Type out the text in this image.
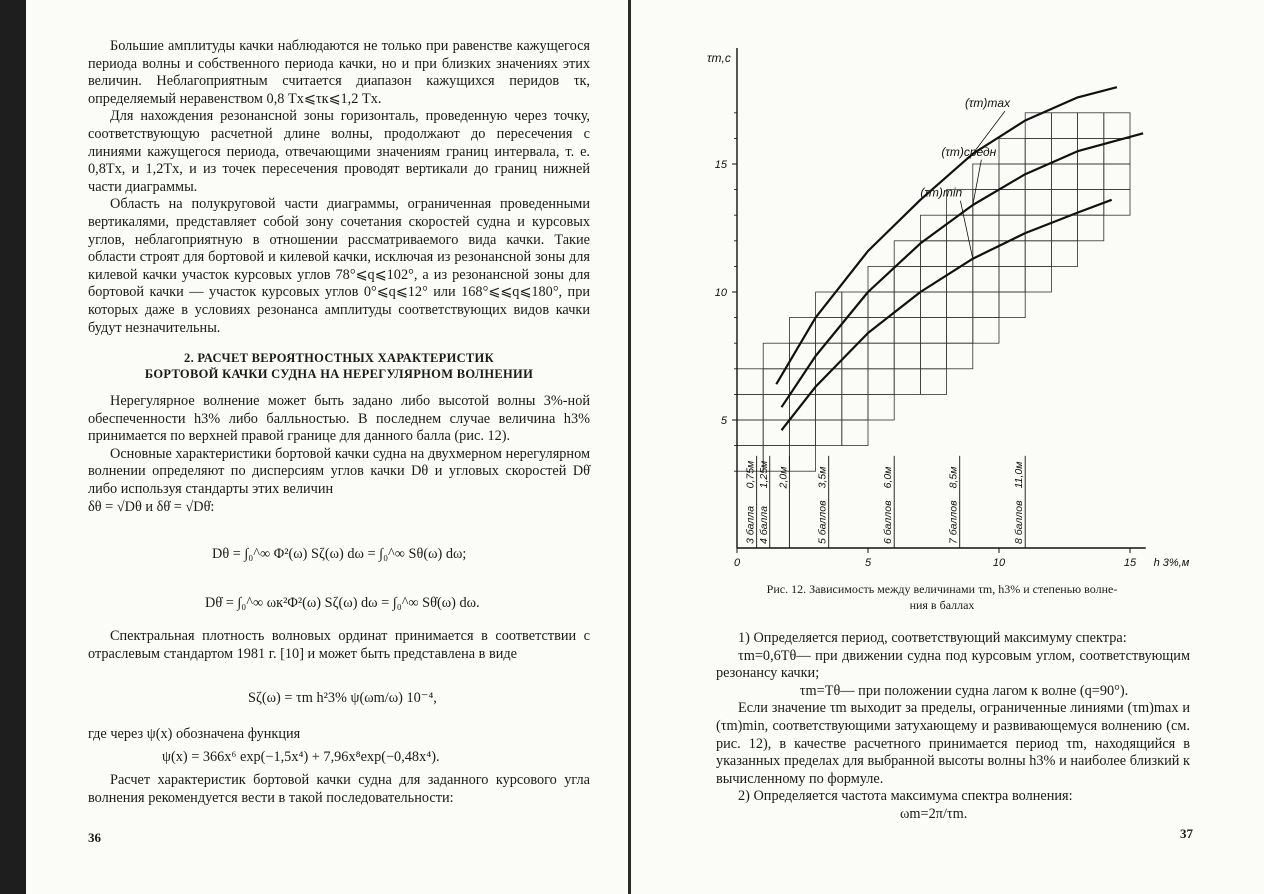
Большие амплитуды качки наблюдаются не только при равенстве кажущегося периода волны и собственного периода качки, но и при близких значениях этих величин. Неблагоприятным считается диапазон кажущихся перидов τк, определяемый неравенством 0,8 Tх⩽τк⩽1,2 Tх.

Для нахождения резонансной зоны горизонталь, проведенную через точку, соответствующую расчетной длине волны, продолжают до пересечения с линиями кажущегося периода, отвечающими значениям границ интервала, т. е. 0,8Tх, и 1,2Tх, и из точек пересечения проводят вертикали до границ нижней части диаграммы.

Область на полукруговой части диаграммы, ограниченная проведенными вертикалями, представляет собой зону сочетания скоростей судна и курсовых углов, неблагоприятную в отношении рассматриваемого вида качки. Такие области строят для бортовой и килевой качки, исключая из резонансной зоны для килевой качки участок курсовых углов 78°⩽q⩽102°, а из резонансной зоны для бортовой качки — участок курсовых углов 0°⩽q⩽12° или 168°⩽⩽q⩽180°, при которых даже в условиях резонанса амплитуды соответствующих видов качки будут незначительны.

2. РАСЧЕТ ВЕРОЯТНОСТНЫХ ХАРАКТЕРИСТИК
БОРТОВОЙ КАЧКИ СУДНА НА НЕРЕГУЛЯРНОМ ВОЛНЕНИИ

Нерегулярное волнение может быть задано либо высотой волны 3%-ной обеспеченности h3% либо балльностью. В последнем случае величина h3% принимается по верхней правой границе для данного балла (рис. 12).

Основные характеристики бортовой качки судна на двухмерном нерегулярном волнении определяют по дисперсиям углов качки Dθ и угловых скоростей Dθ̇ либо используя стандарты этих величин

δθ = √Dθ и δθ̇ = √Dθ̇:

Dθ = ∫₀^∞ Φ²(ω) Sζ(ω) dω = ∫₀^∞ Sθ(ω) dω;
Dθ̇ = ∫₀^∞ ωк²Φ²(ω) Sζ(ω) dω = ∫₀^∞ Sθ̇(ω) dω.

Спектральная плотность волновых ординат принимается в соответствии с отраслевым стандартом 1981 г. [10] и может быть представлена в виде

Sζ(ω) = τm h²3% ψ(ωm/ω) 10⁻⁴,

где через ψ(x) обозначена функция

ψ(x) = 366x⁶ exp(−1,5x⁴) + 7,96x⁸exp(−0,48x⁴).

Расчет характеристик бортовой качки судна для заданного курсового угла волнения рекомендуется вести в такой последовательности:

36
5
10
15
0	5	10	15
τm,c
h 3%,м
(τm)max
(τm)средн
(τm)min
0,75м
3 балла
1,25м
4 балла
2,0м	3,5м
5 баллов
6,0м
6 баллов
8,5м
7 баллов
11,0м
8 баллов
Рис. 12. Зависимость между величинами τm, h3% и степенью волне-
ния в баллах

1) Определяется период, соответствующий максимуму спектра:

τm=0,6Tθ— при движении судна под курсовым углом, соответствующим резонансу качки;

τm=Tθ— при положении судна лагом к волне (q=90°).

Если значение τm выходит за пределы, ограниченные линиями (τm)max и (τm)min, соответствующими затухающему и развивающемуся волнению (см. рис. 12), в качестве расчетного принимается период τm, находящийся в указанных пределах для выбранной высоты волны h3% и наиболее близкий к вычисленному по формуле.

2) Определяется частота максимума спектра волнения:

ωm=2π/τm.
37
